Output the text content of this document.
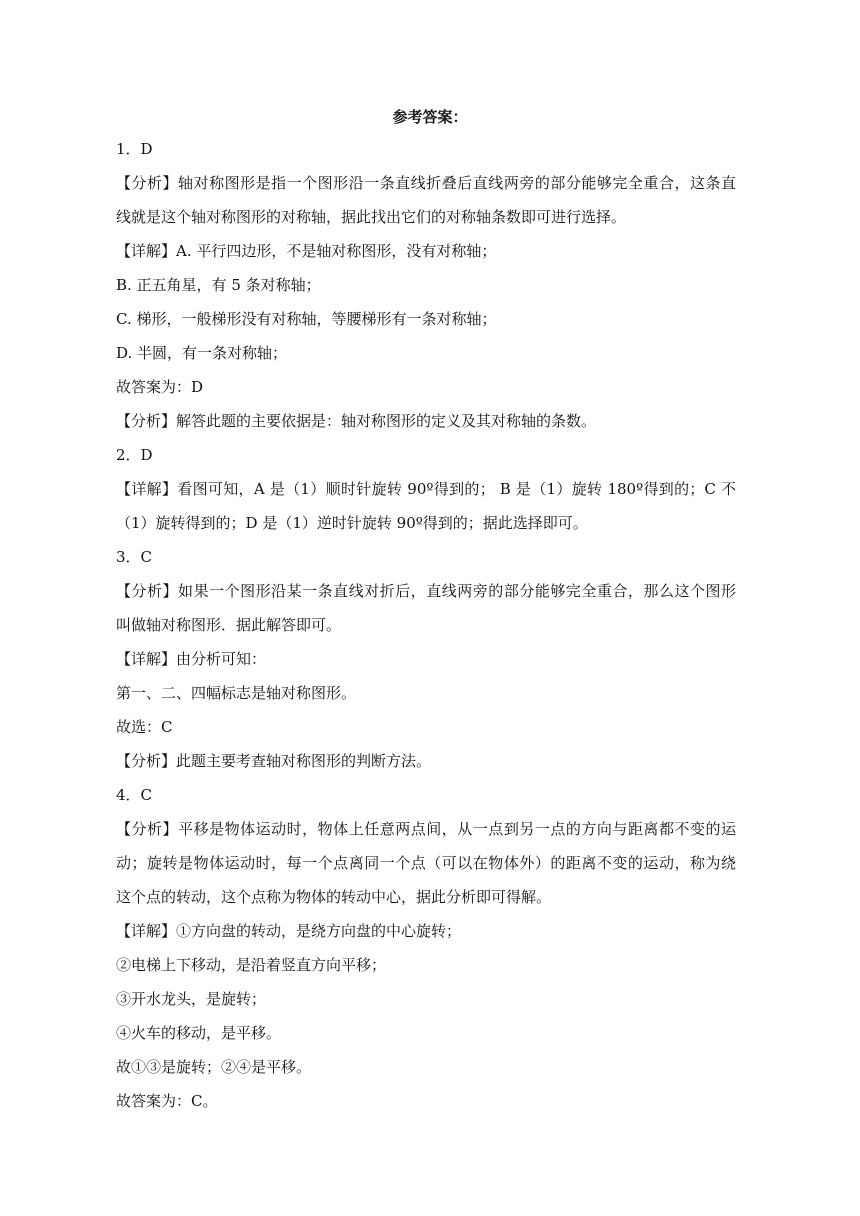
参考答案：
1．D
【分析】轴对称图形是指一个图形沿一条直线折叠后直线两旁的部分能够完全重合，这条直
线就是这个轴对称图形的对称轴，据此找出它们的对称轴条数即可进行选择。
【详解】A. 平行四边形，不是轴对称图形，没有对称轴；
B. 正五角星，有 5 条对称轴；
C. 梯形，一般梯形没有对称轴，等腰梯形有一条对称轴；
D. 半圆，有一条对称轴；
故答案为：D
【分析】解答此题的主要依据是：轴对称图形的定义及其对称轴的条数。
2．D
【详解】看图可知，A 是（1）顺时针旋转 90º得到的； B 是（1）旋转 180º得到的；C 不
（1）旋转得到的；D 是（1）逆时针旋转 90º得到的；据此选择即可。
3．C
【分析】如果一个图形沿某一条直线对折后，直线两旁的部分能够完全重合，那么这个图形
叫做轴对称图形．据此解答即可。
【详解】由分析可知：
第一、二、四幅标志是轴对称图形。
故选：C
【分析】此题主要考查轴对称图形的判断方法。
4．C
【分析】平移是物体运动时，物体上任意两点间，从一点到另一点的方向与距离都不变的运
动；旋转是物体运动时，每一个点离同一个点（可以在物体外）的距离不变的运动，称为绕
这个点的转动，这个点称为物体的转动中心，据此分析即可得解。
【详解】①方向盘的转动，是绕方向盘的中心旋转；
②电梯上下移动，是沿着竖直方向平移；
③开水龙头，是旋转；
④火车的移动，是平移。
故①③是旋转；②④是平移。
故答案为：C。
